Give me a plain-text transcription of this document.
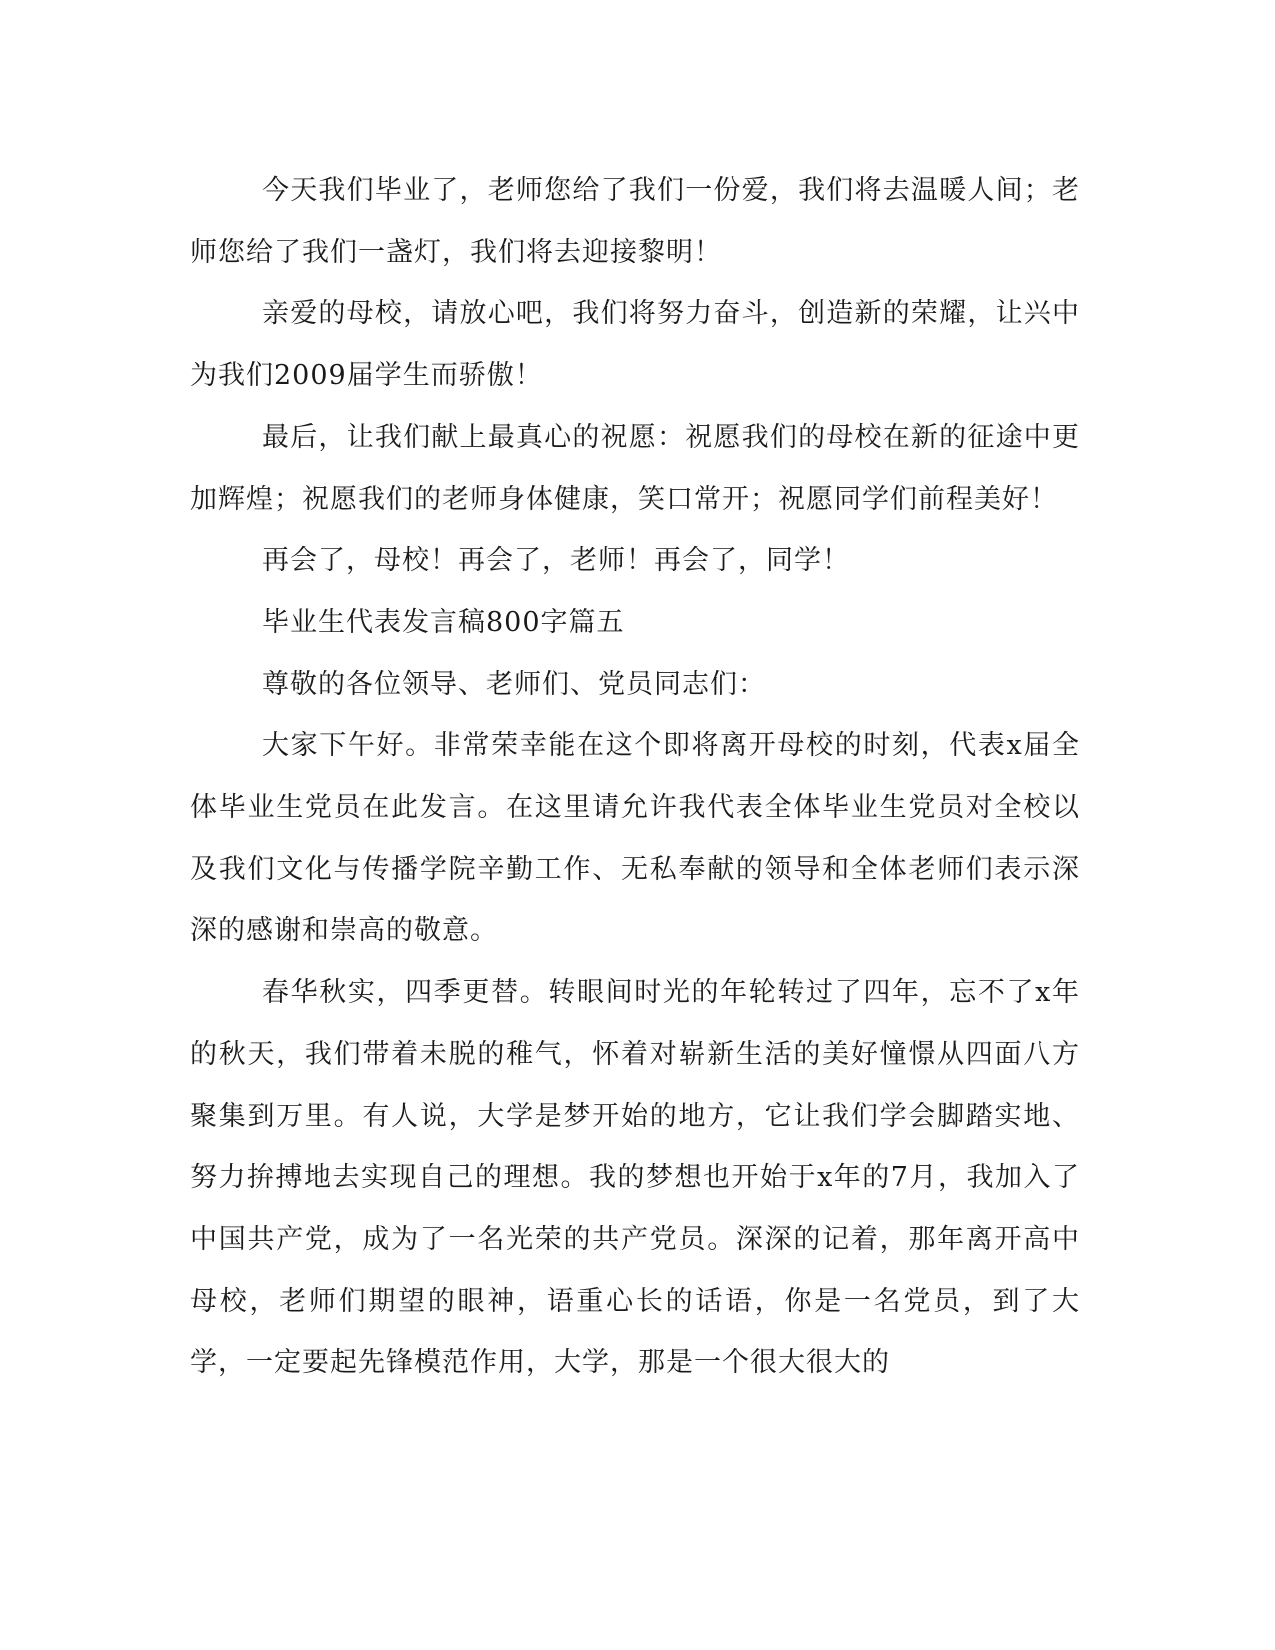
今天我们毕业了，老师您给了我们一份爱，我们将去温暖人间；老师您给了我们一盏灯，我们将去迎接黎明！

亲爱的母校，请放心吧，我们将努力奋斗，创造新的荣耀，让兴中为我们2009届学生而骄傲！

最后，让我们献上最真心的祝愿：祝愿我们的母校在新的征途中更加辉煌；祝愿我们的老师身体健康，笑口常开；祝愿同学们前程美好！

再会了，母校！再会了，老师！再会了，同学！

毕业生代表发言稿800字篇五

尊敬的各位领导、老师们、党员同志们：

大家下午好。非常荣幸能在这个即将离开母校的时刻，代表x届全体毕业生党员在此发言。在这里请允许我代表全体毕业生党员对全校以及我们文化与传播学院辛勤工作、无私奉献的领导和全体老师们表示深深的感谢和崇高的敬意。

春华秋实，四季更替。转眼间时光的年轮转过了四年，忘不了x年的秋天，我们带着未脱的稚气，怀着对崭新生活的美好憧憬从四面八方聚集到万里。有人说，大学是梦开始的地方，它让我们学会脚踏实地、努力拚搏地去实现自己的理想。我的梦想也开始于x年的7月，我加入了中国共产党，成为了一名光荣的共产党员。深深的记着，那年离开高中母校，老师们期望的眼神，语重心长的话语，你是一名党员，到了大学，一定要起先锋模范作用，大学，那是一个很大很大的
